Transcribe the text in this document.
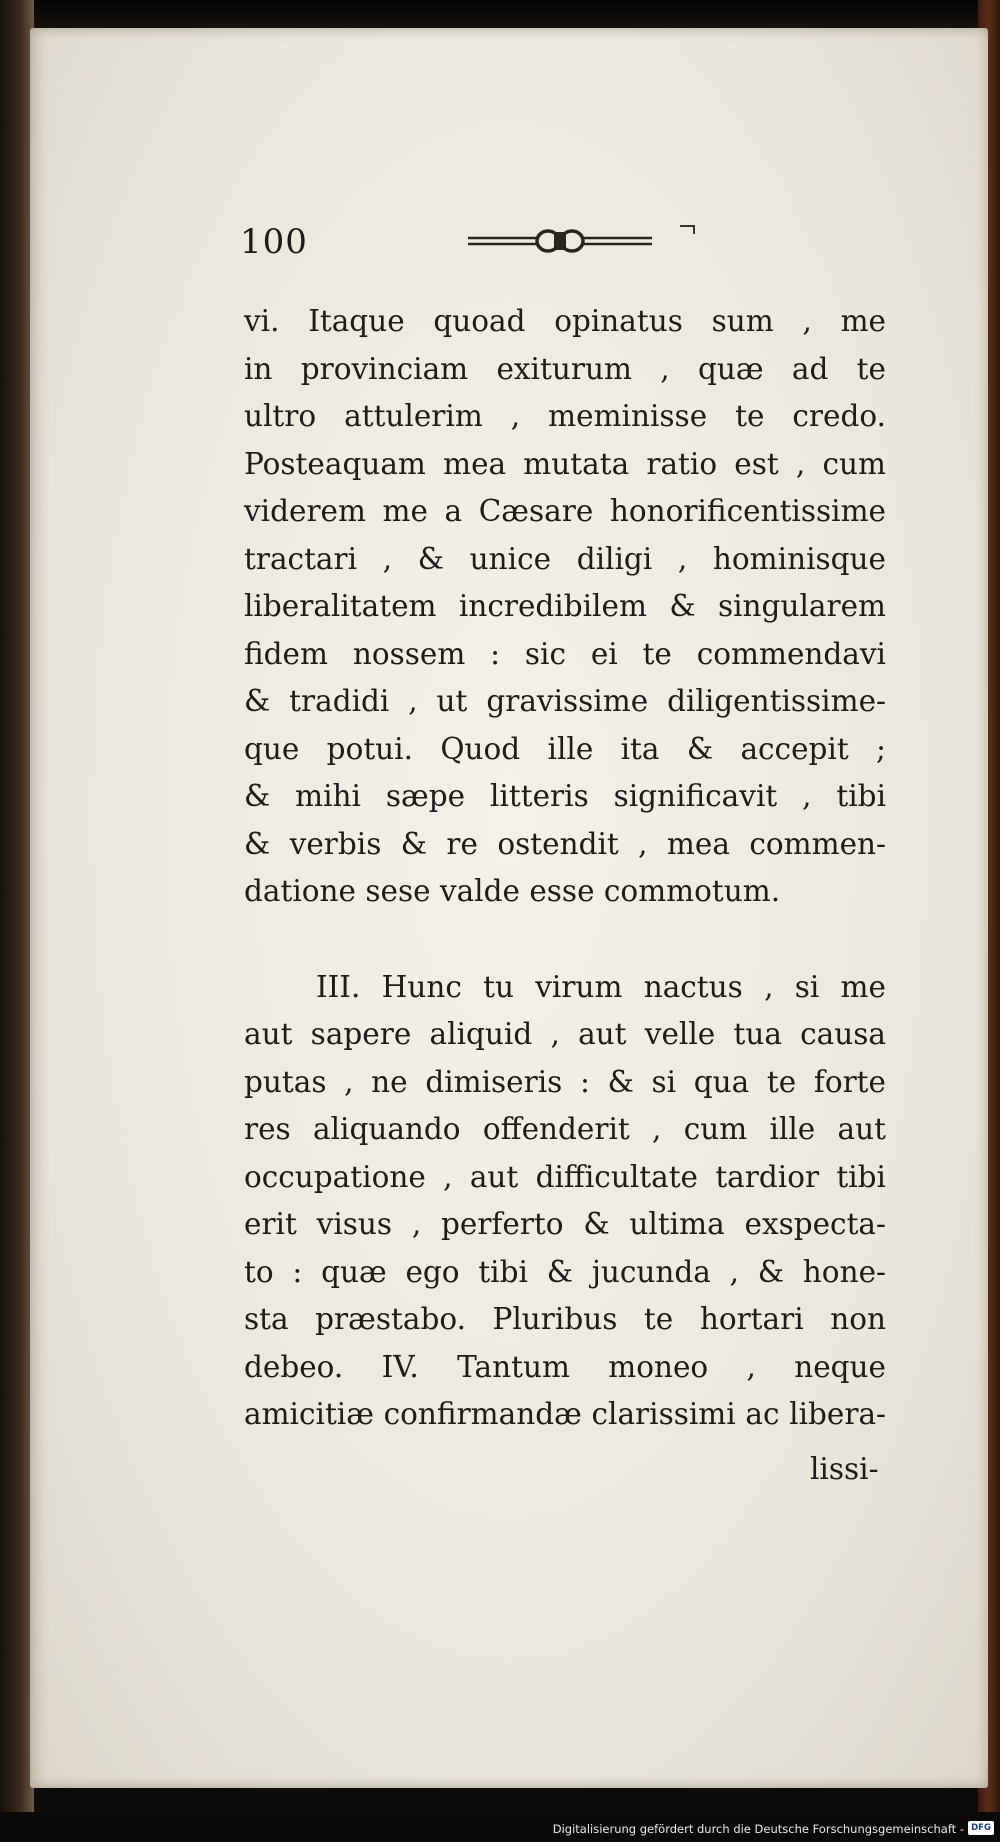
100
vi. Itaque quoad opinatus sum , me
in provinciam exiturum , quæ ad te
ultro attulerim , meminisse te credo.
Posteaquam mea mutata ratio est , cum
viderem me a Cæsare honorificentissime
tractari , & unice diligi , hominisque
liberalitatem incredibilem & singularem
fidem nossem : sic ei te commendavi
& tradidi , ut gravissime diligentissime-
que potui. Quod ille ita & accepit ;
& mihi sæpe litteris significavit , tibi
& verbis & re ostendit , mea commen-
datione sese valde esse commotum.
III. Hunc tu virum nactus , si me
aut sapere aliquid , aut velle tua causa
putas , ne dimiseris : & si qua te forte
res aliquando offenderit , cum ille aut
occupatione , aut difficultate tardior tibi
erit visus , perferto & ultima exspecta-
to : quæ ego tibi & jucunda , & hone-
sta præstabo. Pluribus te hortari non
debeo. IV. Tantum moneo , neque
amicitiæ confirmandæ clarissimi ac libera-
lissi-
Digitalisierung gefördert durch die Deutsche Forschungsgemeinschaft - DFG
